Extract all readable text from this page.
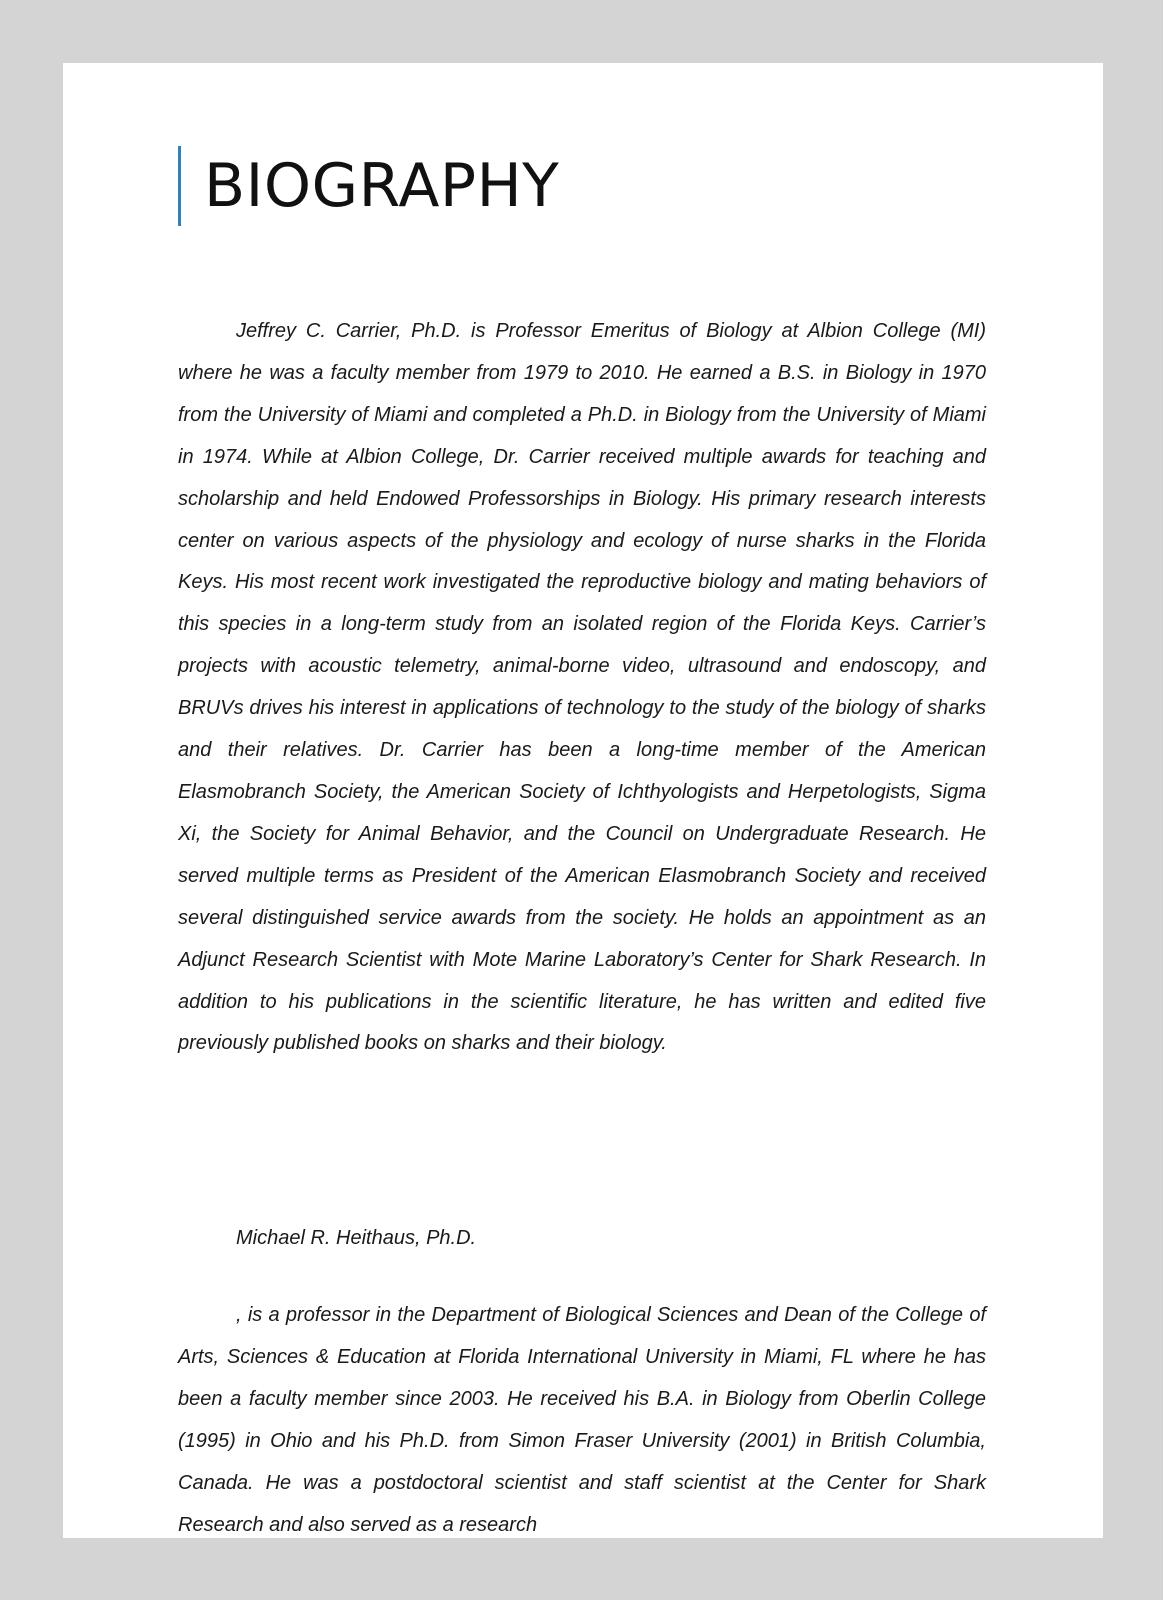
BIOGRAPHY

Jeffrey C. Carrier, Ph.D. is Professor Emeritus of Biology at Albion College (MI) where he was a faculty member from 1979 to 2010. He earned a B.S. in Biology in 1970 from the University of Miami and completed a Ph.D. in Biology from the University of Miami in 1974. While at Albion College, Dr. Carrier received multiple awards for teaching and scholarship and held Endowed Professorships in Biology. His primary research interests center on various aspects of the physiology and ecology of nurse sharks in the Florida Keys. His most recent work investigated the reproductive biology and mating behaviors of this species in a long-term study from an isolated region of the Florida Keys. Carrier’s projects with acoustic telemetry, animal-borne video, ultrasound and endoscopy, and BRUVs drives his interest in applications of technology to the study of the biology of sharks and their relatives. Dr. Carrier has been a long-time member of the American Elasmobranch Society, the American Society of Ichthyologists and Herpetologists, Sigma Xi, the Society for Animal Behavior, and the Council on Undergraduate Research. He served multiple terms as President of the American Elasmobranch Society and received several distinguished service awards from the society. He holds an appointment as an Adjunct Research Scientist with Mote Marine Laboratory’s Center for Shark Research. In addition to his publications in the scientific literature, he has written and edited five previously published books on sharks and their biology.

Michael R. Heithaus, Ph.D.

, is a professor in the Department of Biological Sciences and Dean of the College of Arts, Sciences & Education at Florida International University in Miami, FL where he has been a faculty member since 2003. He received his B.A. in Biology from Oberlin College (1995) in Ohio and his Ph.D. from Simon Fraser University (2001) in British Columbia, Canada. He was a postdoctoral scientist and staff scientist at the Center for Shark Research and also served as a research
